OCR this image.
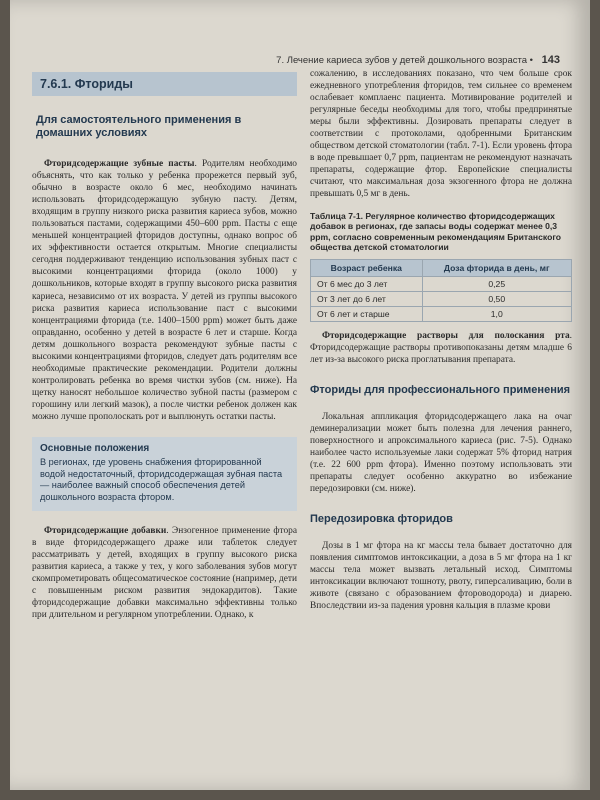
7. Лечение кариеса зубов у детей дошкольного возраста • 143
7.6.1. Фториды
Для самостоятельного применения в домашних условиях

Фторидсодержащие зубные пасты. Родителям необходимо объяснять, что как только у ребенка прорежется первый зуб, обычно в возрасте около 6 мес, необходимо начинать использовать фторидсодержащую зубную пасту. Детям, входящим в группу низкого риска развития кариеса зубов, можно пользоваться пастами, содержащими 450–600 ppm. Пасты с еще меньшей концентрацией фторидов доступны, однако вопрос об их эффективности остается открытым. Многие специалисты сегодня поддерживают тенденцию использования зубных паст с высокими концентрациями фторида (около 1000) у дошкольников, которые входят в группу высокого риска развития кариеса, независимо от их возраста. У детей из группы высокого риска развития кариеса использование паст с высокими концентрациями фторида (т.е. 1400–1500 ppm) может быть даже оправданно, особенно у детей в возрасте 6 лет и старше. Когда детям дошкольного возраста рекомендуют зубные пасты с высокими концентрациями фторидов, следует дать родителям все необходимые практические рекомендации. Родители должны контролировать ребенка во время чистки зубов (см. ниже). На щетку наносят небольшое количество зубной пасты (размером с горошину или легкий мазок), а после чистки ребенок должен как можно лучше прополоскать рот и выплюнуть остатки пасты.

Основные положения
В регионах, где уровень снабжения фторированной водой недостаточный, фторидсодержащая зубная паста — наиболее важный способ обеспечения детей дошкольного возраста фтором.

Фторидсодержащие добавки. Энзогенное применение фтора в виде фторидсодержащего драже или таблеток следует рассматривать у детей, входящих в группу высокого риска развития кариеса, а также у тех, у кого заболевания зубов могут скомпрометировать общесоматическое состояние (например, дети с повышенным риском развития эндокардитов). Такие фторидсодержащие добавки максимально эффективны только при длительном и регулярном употреблении. Однако, к

сожалению, в исследованиях показано, что чем больше срок ежедневного употребления фторидов, тем сильнее со временем ослабевает комплаенс пациента. Мотивирование родителей и регулярные беседы необходимы для того, чтобы предпринятые меры были эффективны. Дозировать препараты следует в соответствии с протоколами, одобренными Британским обществом детской стоматологии (табл. 7-1). Если уровень фтора в воде превышает 0,7 ppm, пациентам не рекомендуют назначать препараты, содержащие фтор. Европейские специалисты считают, что максимальная доза экзогенного фтора не должна превышать 0,5 мг в день.

Таблица 7-1. Регулярное количество фторидсодержащих добавок в регионах, где запасы воды содержат менее 0,3 ppm, согласно современным рекомендациям Британского общества детской стоматологии
Возраст ребенка	Доза фторида в день, мг
От 6 мес до 3 лет	0,25
От 3 лет до 6 лет	0,50
От 6 лет и старше	1,0

Фторидсодержащие растворы для полоскания рта. Фторидсодержащие растворы противопоказаны детям младше 6 лет из-за высокого риска проглатывания препарата.

Фториды для профессионального применения

Локальная аппликация фторидсодержащего лака на очаг деминерализации может быть полезна для лечения раннего, поверхностного и апроксимального кариеса (рис. 7-5). Однако наиболее часто используемые лаки содержат 5% фторид натрия (т.е. 22 600 ppm фтора). Именно поэтому использовать эти препараты следует особенно аккуратно во избежание передозировки (см. ниже).

Передозировка фторидов

Дозы в 1 мг фтора на кг массы тела бывает достаточно для появления симптомов интоксикации, а доза в 5 мг фтора на 1 кг массы тела может вызвать летальный исход. Симптомы интоксикации включают тошноту, рвоту, гиперсаливацию, боли в животе (связано с образованием фтороводорода) и диарею. Впоследствии из-за падения уровня кальция в плазме крови
